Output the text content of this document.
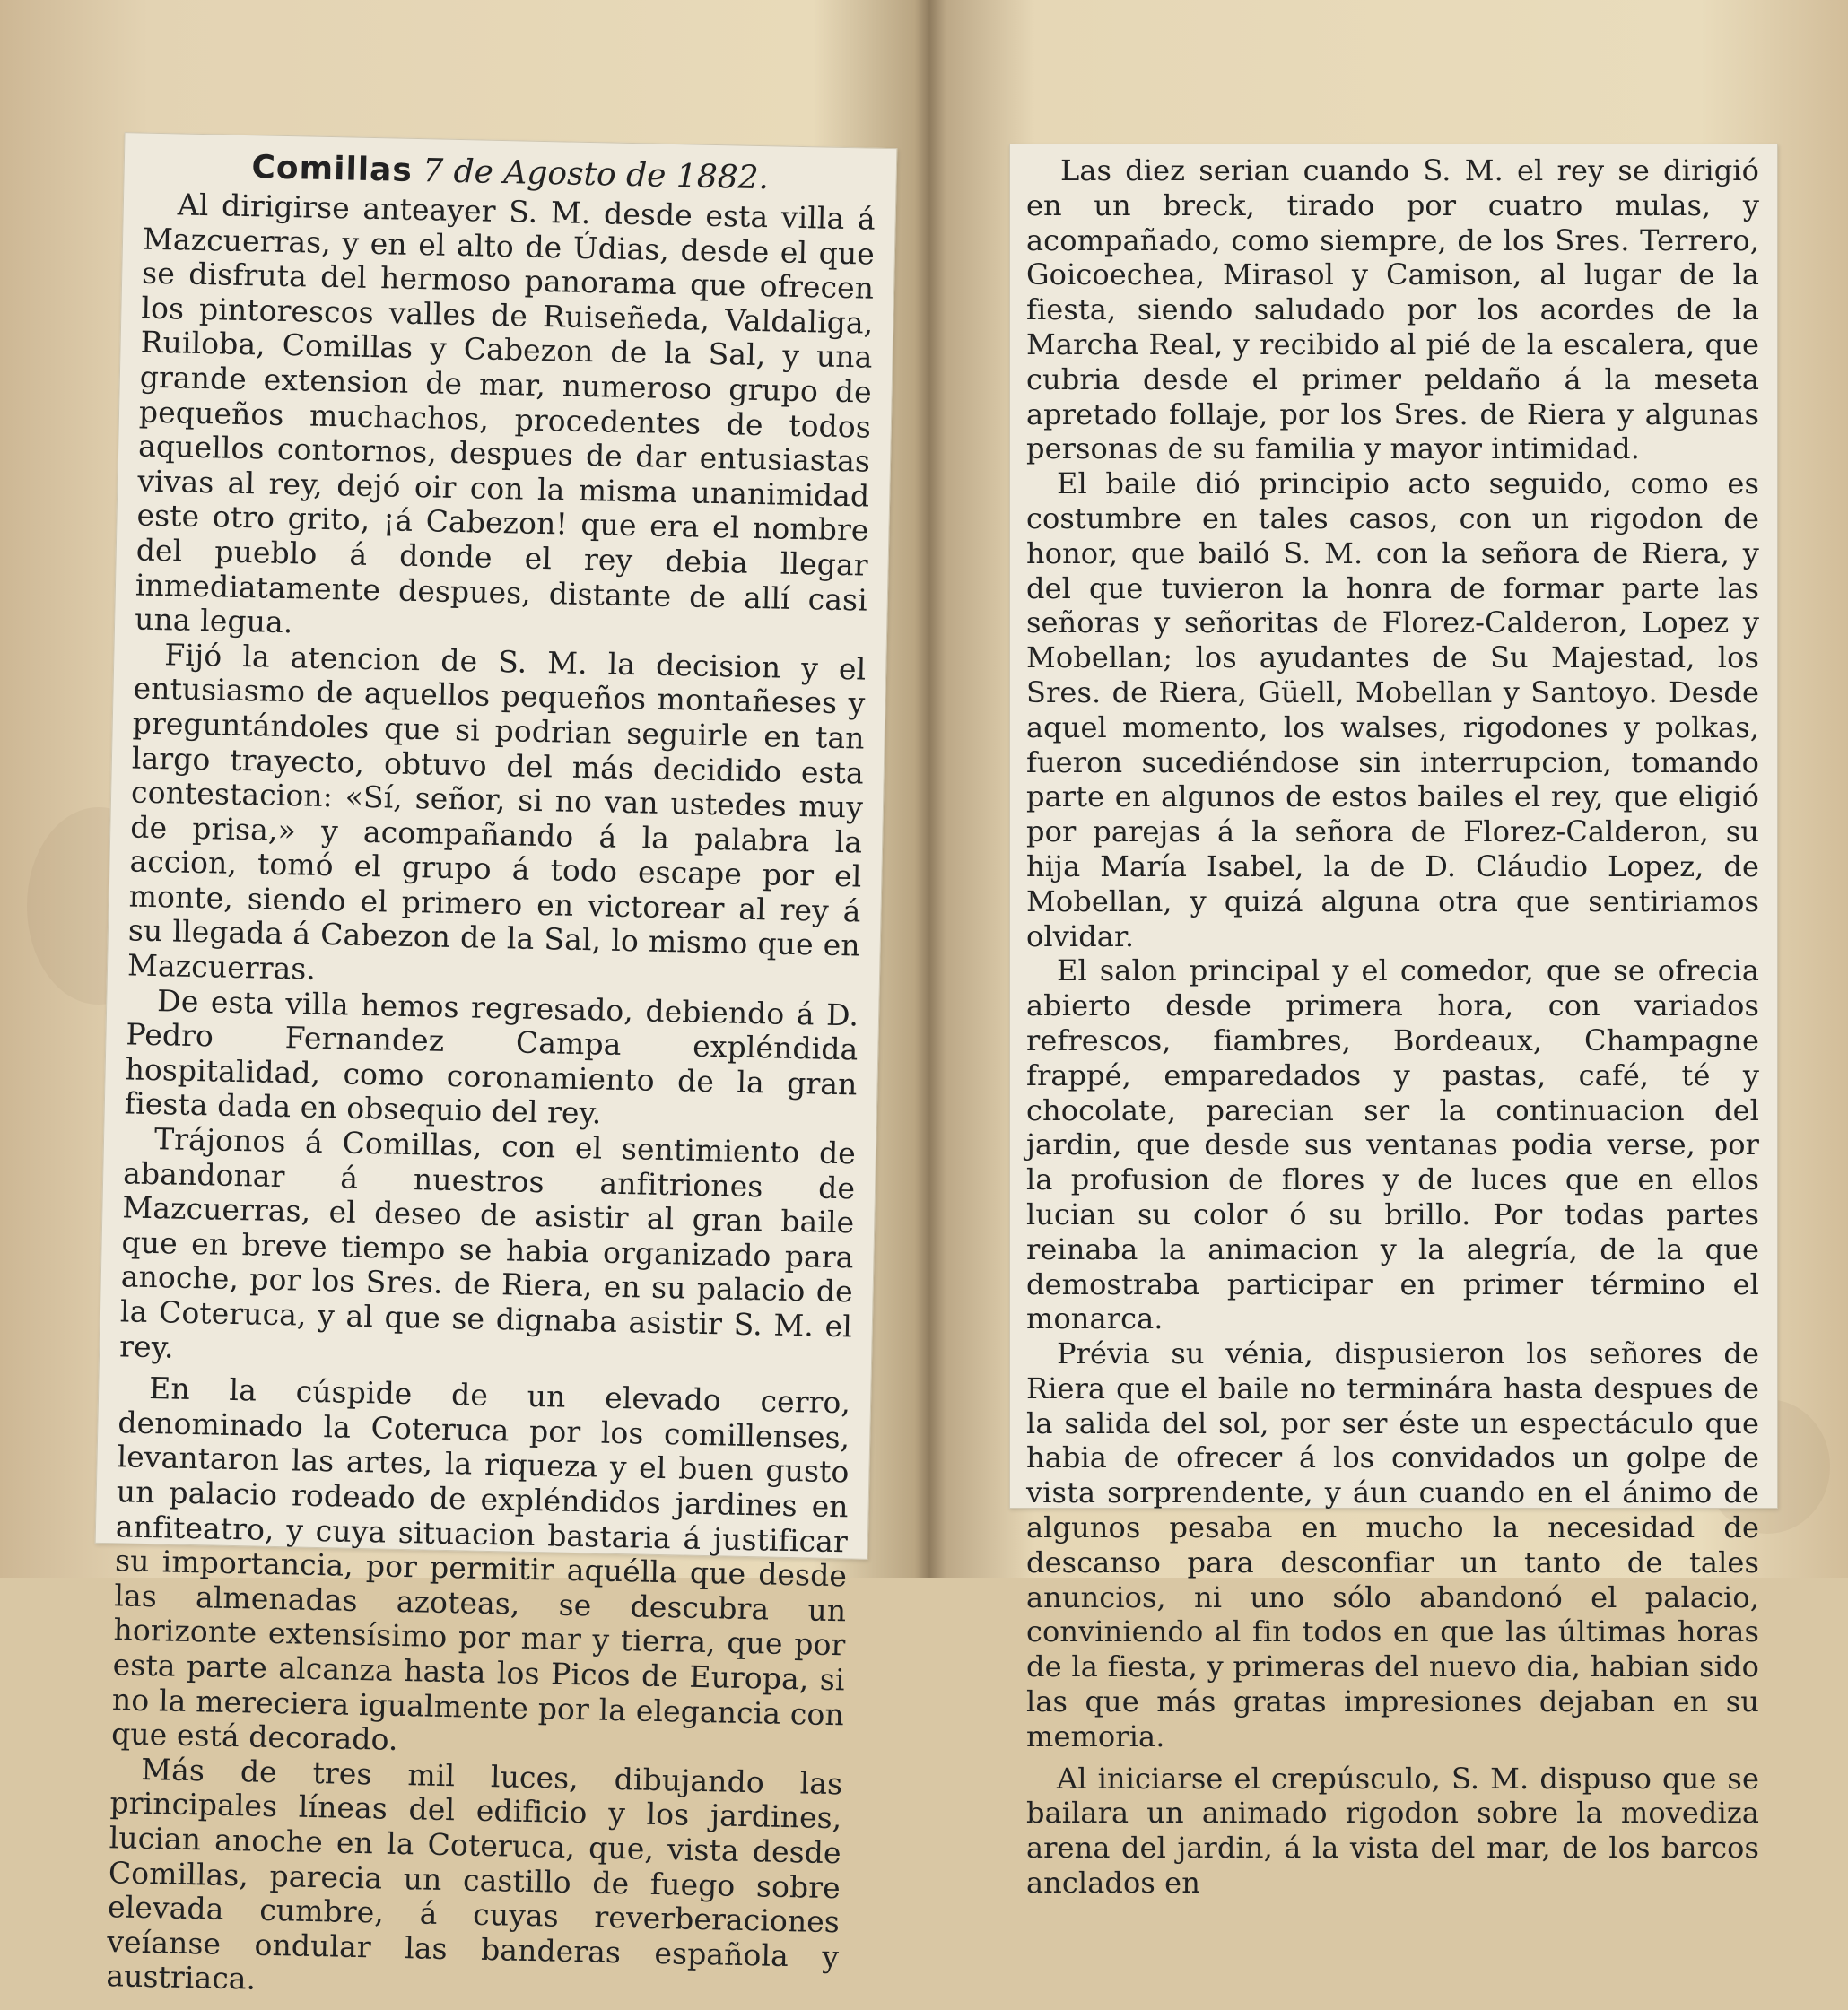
Comillas 7 de Agosto de 1882.

Al dirigirse anteayer S. M. desde esta villa á Mazcuerras, y en el alto de Údias, desde el que se disfruta del hermoso panorama que ofrecen los pintorescos valles de Ruiseñeda, Valdaliga, Ruiloba, Comillas y Cabezon de la Sal, y una grande extension de mar, numeroso grupo de pequeños muchachos, procedentes de todos aquellos contornos, despues de dar entusiastas vivas al rey, dejó oir con la misma unanimidad este otro grito, ¡á Cabezon! que era el nombre del pueblo á donde el rey debia llegar inmediatamente despues, distante de allí casi una legua.

Fijó la atencion de S. M. la decision y el entusiasmo de aquellos pequeños montañeses y preguntándoles que si podrian seguirle en tan largo trayecto, obtuvo del más decidido esta contestacion: «Sí, señor, si no van ustedes muy de prisa,» y acompañando á la palabra la accion, tomó el grupo á todo escape por el monte, siendo el primero en victorear al rey á su llegada á Cabezon de la Sal, lo mismo que en Mazcuerras.

De esta villa hemos regresado, debiendo á D. Pedro Fernandez Campa expléndida hospitalidad, como coronamiento de la gran fiesta dada en obsequio del rey.

Trájonos á Comillas, con el sentimiento de abandonar á nuestros anfitriones de Mazcuerras, el deseo de asistir al gran baile que en breve tiempo se habia organizado para anoche, por los Sres. de Riera, en su palacio de la Coteruca, y al que se dignaba asistir S. M. el rey.

En la cúspide de un elevado cerro, denominado la Coteruca por los comillenses, levantaron las artes, la riqueza y el buen gusto un palacio rodeado de expléndidos jardines en anfiteatro, y cuya situacion bastaria á justificar su importancia, por permitir aquélla que desde las almenadas azoteas, se descubra un horizonte extensísimo por mar y tierra, que por esta parte alcanza hasta los Picos de Europa, si no la mereciera igualmente por la elegancia con que está decorado.

Más de tres mil luces, dibujando las principales líneas del edificio y los jardines, lucian anoche en la Coteruca, que, vista desde Comillas, parecia un castillo de fuego sobre elevada cumbre, á cuyas reverberaciones veíanse ondular las banderas española y austriaca.

Las diez serian cuando S. M. el rey se dirigió en un breck, tirado por cuatro mulas, y acompañado, como siempre, de los Sres. Terrero, Goicoechea, Mirasol y Camison, al lugar de la fiesta, siendo saludado por los acordes de la Marcha Real, y recibido al pié de la escalera, que cubria desde el primer peldaño á la meseta apretado follaje, por los Sres. de Riera y algunas personas de su familia y mayor intimidad.

El baile dió principio acto seguido, como es costumbre en tales casos, con un rigodon de honor, que bailó S. M. con la señora de Riera, y del que tuvieron la honra de formar parte las señoras y señoritas de Florez-Calderon, Lopez y Mobellan; los ayudantes de Su Majestad, los Sres. de Riera, Güell, Mobellan y Santoyo. Desde aquel momento, los walses, rigodones y polkas, fueron sucediéndose sin interrupcion, tomando parte en algunos de estos bailes el rey, que eligió por parejas á la señora de Florez-Calderon, su hija María Isabel, la de D. Cláudio Lopez, de Mobellan, y quizá alguna otra que sentiriamos olvidar.

El salon principal y el comedor, que se ofrecia abierto desde primera hora, con variados refrescos, fiambres, Bordeaux, Champagne frappé, emparedados y pastas, café, té y chocolate, parecian ser la continuacion del jardin, que desde sus ventanas podia verse, por la profusion de flores y de luces que en ellos lucian su color ó su brillo. Por todas partes reinaba la animacion y la alegría, de la que demostraba participar en primer término el monarca.

Prévia su vénia, dispusieron los señores de Riera que el baile no terminára hasta despues de la salida del sol, por ser éste un espectáculo que habia de ofrecer á los convidados un golpe de vista sorprendente, y áun cuando en el ánimo de algunos pesaba en mucho la necesidad de descanso para desconfiar un tanto de tales anuncios, ni uno sólo abandonó el palacio, conviniendo al fin todos en que las últimas horas de la fiesta, y primeras del nuevo dia, habian sido las que más gratas impresiones dejaban en su memoria.

Al iniciarse el crepúsculo, S. M. dispuso que se bailara un animado rigodon sobre la movediza arena del jardin, á la vista del mar, de los barcos anclados en
